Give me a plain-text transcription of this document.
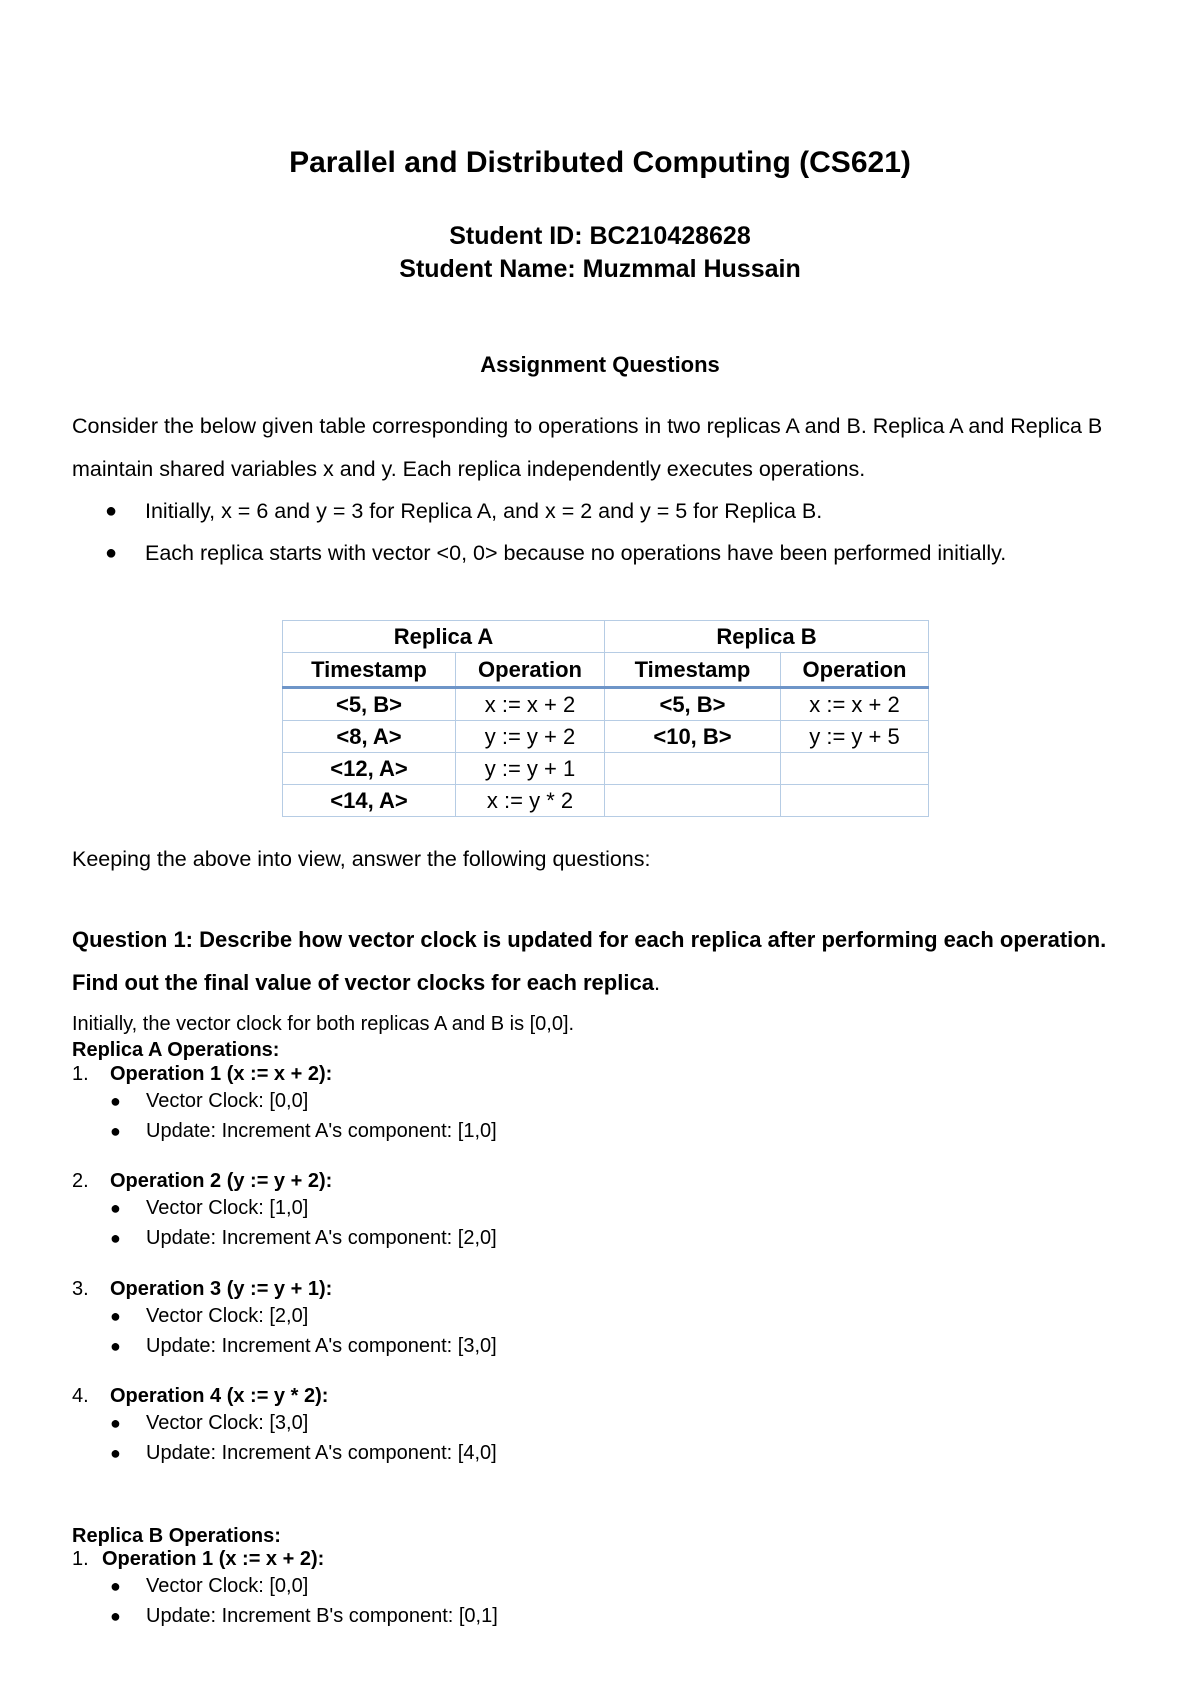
Parallel and Distributed Computing (CS621)
Student ID: BC210428628
Student Name: Muzmmal Hussain
Assignment Questions
Consider the below given table corresponding to operations in two replicas A and B. Replica A and Replica B maintain shared variables x and y. Each replica independently executes operations.
● Initially, x = 6 and y = 3 for Replica A, and x = 2 and y = 5 for Replica B.
● Each replica starts with vector <0, 0> because no operations have been performed initially.
Replica A		Replica B	
Timestamp	Operation	Timestamp	Operation
<5, B>	x := x + 2	<5, B>	x := x + 2
<8, A>	y := y + 2	<10, B>	y := y + 5
<12, A>	y := y + 1		
<14, A>	x := y * 2		
Keeping the above into view, answer the following questions:
Question 1: Describe how vector clock is updated for each replica after performing each operation. Find out the final value of vector clocks for each replica.
Initially, the vector clock for both replicas A and B is [0,0].
Replica A Operations:
1. Operation 1 (x := x + 2):
● Vector Clock: [0,0]
● Update: Increment A's component: [1,0]
2. Operation 2 (y := y + 2):
● Vector Clock: [1,0]
● Update: Increment A's component: [2,0]
3. Operation 3 (y := y + 1):
● Vector Clock: [2,0]
● Update: Increment A's component: [3,0]
4. Operation 4 (x := y * 2):
● Vector Clock: [3,0]
● Update: Increment A's component: [4,0]
Replica B Operations:
1. Operation 1 (x := x + 2):
● Vector Clock: [0,0]
● Update: Increment B's component: [0,1]
